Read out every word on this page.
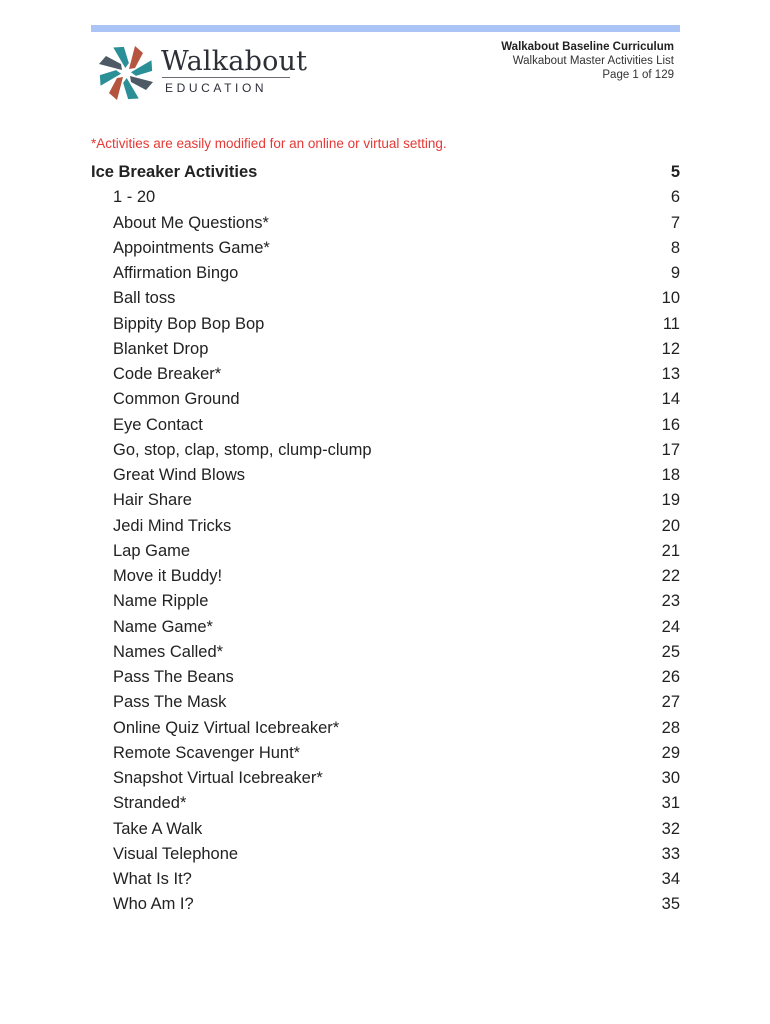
Walkabout
EDUCATION
Walkabout Baseline Curriculum
Walkabout Master Activities List
Page 1 of 129
*Activities are easily modified for an online or virtual setting.
Ice Breaker Activities	5
1 - 20	6
About Me Questions*	7
Appointments Game*	8
Affirmation Bingo	9
Ball toss	10
Bippity Bop Bop Bop	11
Blanket Drop	12
Code Breaker*	13
Common Ground	14
Eye Contact	16
Go, stop, clap, stomp, clump-clump	17
Great Wind Blows	18
Hair Share	19
Jedi Mind Tricks	20
Lap Game	21
Move it Buddy!	22
Name Ripple	23
Name Game*	24
Names Called*	25
Pass The Beans	26
Pass The Mask	27
Online Quiz Virtual Icebreaker*	28
Remote Scavenger Hunt*	29
Snapshot Virtual Icebreaker*	30
Stranded*	31
Take A Walk	32
Visual Telephone	33
What Is It?	34
Who Am I?	35
